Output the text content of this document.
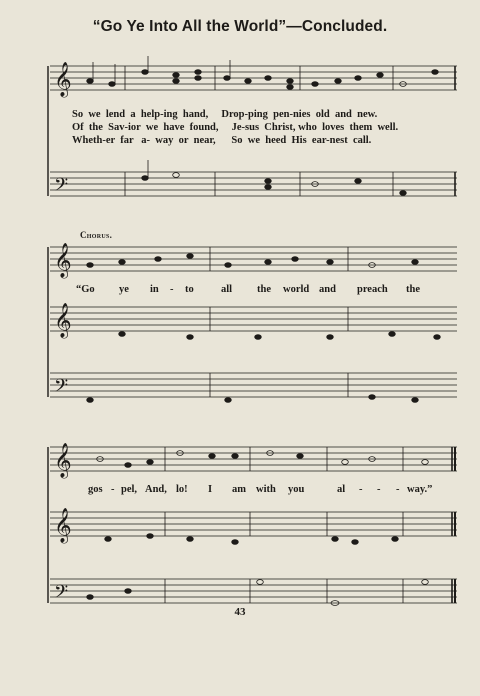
“Go Ye Into All the World”—Concluded.
𝄞
𝄢
𝄞
𝄞
𝄢
𝄞
𝄞
𝄢
So  we  lend  a  help-ing  hand,     Drop-ping  pen-nies  old  and  new.
Of  the  Sav-ior  we  have  found,     Je-sus  Christ, who  loves  them  well.
Wheth-er  far   a-  way  or  near,      So  we  heed  His  ear-nest  call.
Chorus.
“Go ye in - to	all the world and preach the
gos - pel, And, lo! I am with you	al - - - way.”
43
